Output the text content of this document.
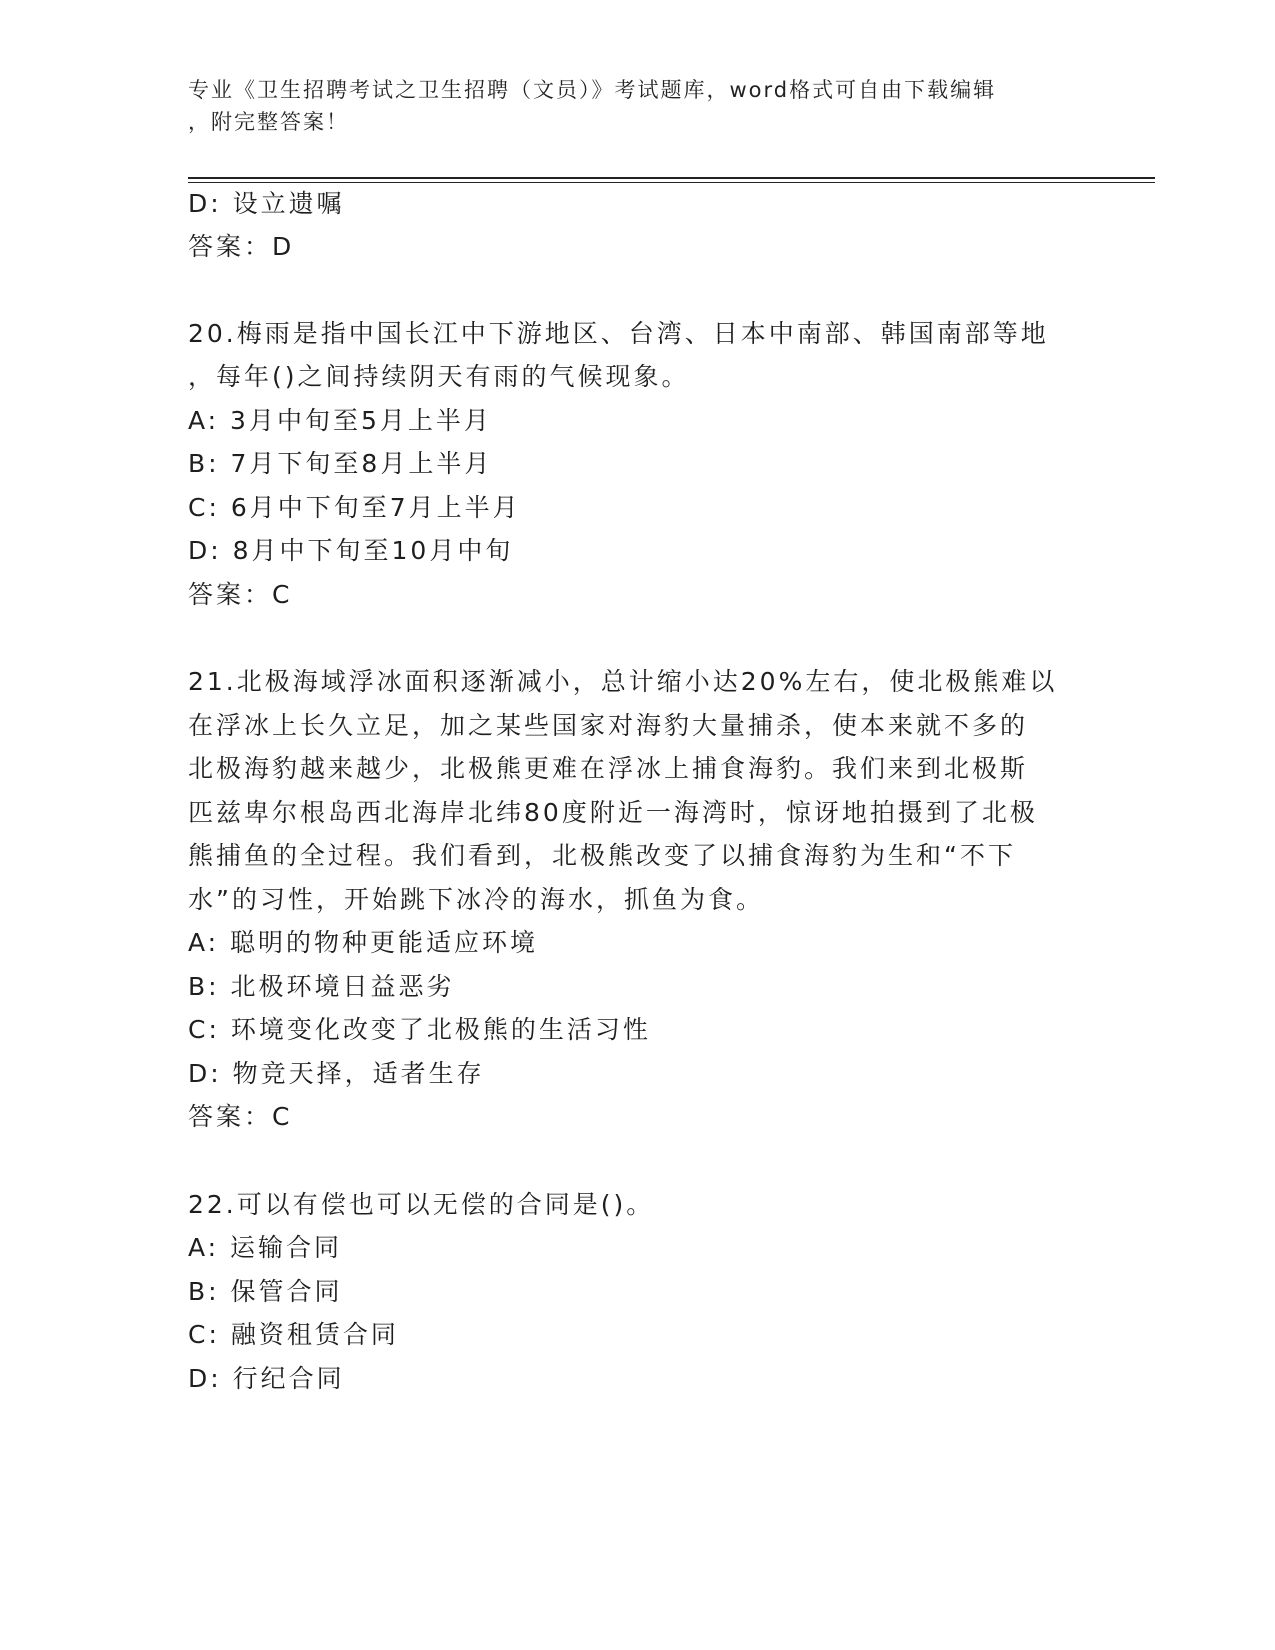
专业《卫生招聘考试之卫生招聘（文员）》考试题库，word格式可自由下载编辑
，附完整答案！
D: 设立遗嘱
答案：D
20.梅雨是指中国长江中下游地区、台湾、日本中南部、韩国南部等地
，每年()之间持续阴天有雨的气候现象。
A: 3月中旬至5月上半月
B: 7月下旬至8月上半月
C: 6月中下旬至7月上半月
D: 8月中下旬至10月中旬
答案：C
21.北极海域浮冰面积逐渐减小，总计缩小达20%左右，使北极熊难以
在浮冰上长久立足，加之某些国家对海豹大量捕杀，使本来就不多的
北极海豹越来越少，北极熊更难在浮冰上捕食海豹。我们来到北极斯
匹兹卑尔根岛西北海岸北纬80度附近一海湾时，惊讶地拍摄到了北极
熊捕鱼的全过程。我们看到，北极熊改变了以捕食海豹为生和“不下
水”的习性，开始跳下冰冷的海水，抓鱼为食。
A: 聪明的物种更能适应环境
B: 北极环境日益恶劣
C: 环境变化改变了北极熊的生活习性
D: 物竞天择，适者生存
答案：C
22.可以有偿也可以无偿的合同是()。
A: 运输合同
B: 保管合同
C: 融资租赁合同
D: 行纪合同
